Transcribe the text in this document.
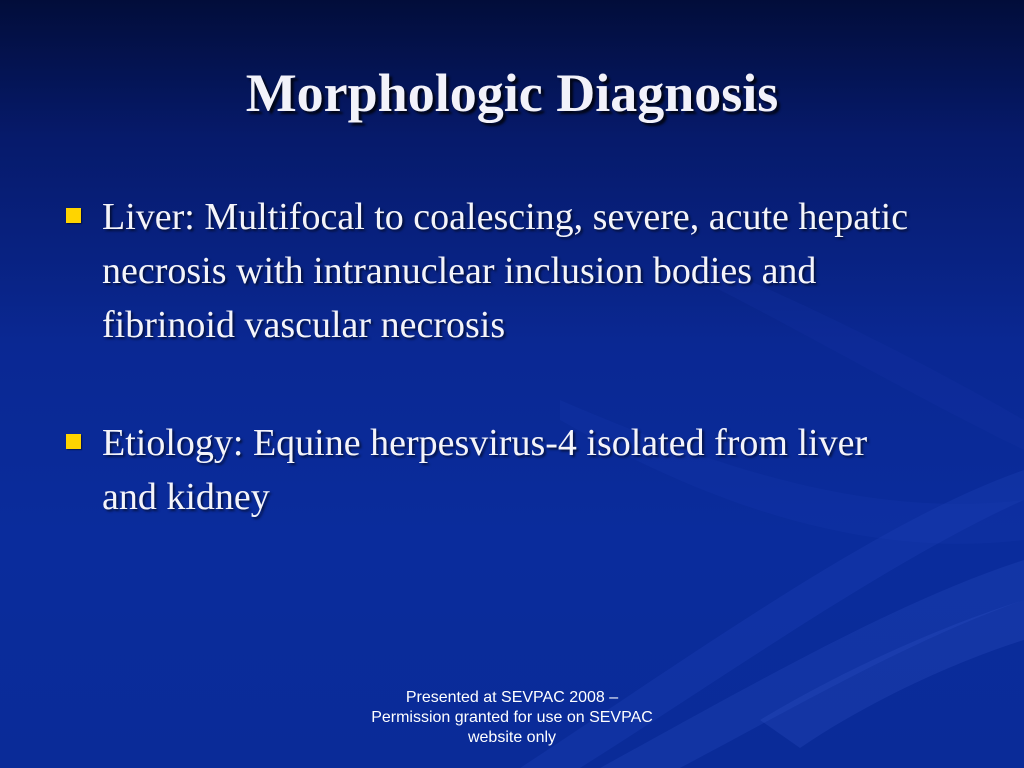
Morphologic Diagnosis
Liver: Multifocal to coalescing, severe, acute hepatic necrosis with intranuclear inclusion bodies and fibrinoid vascular necrosis
Etiology: Equine herpesvirus-4 isolated from liver and kidney
Presented at SEVPAC 2008 –
Permission granted for use on SEVPAC
website only
